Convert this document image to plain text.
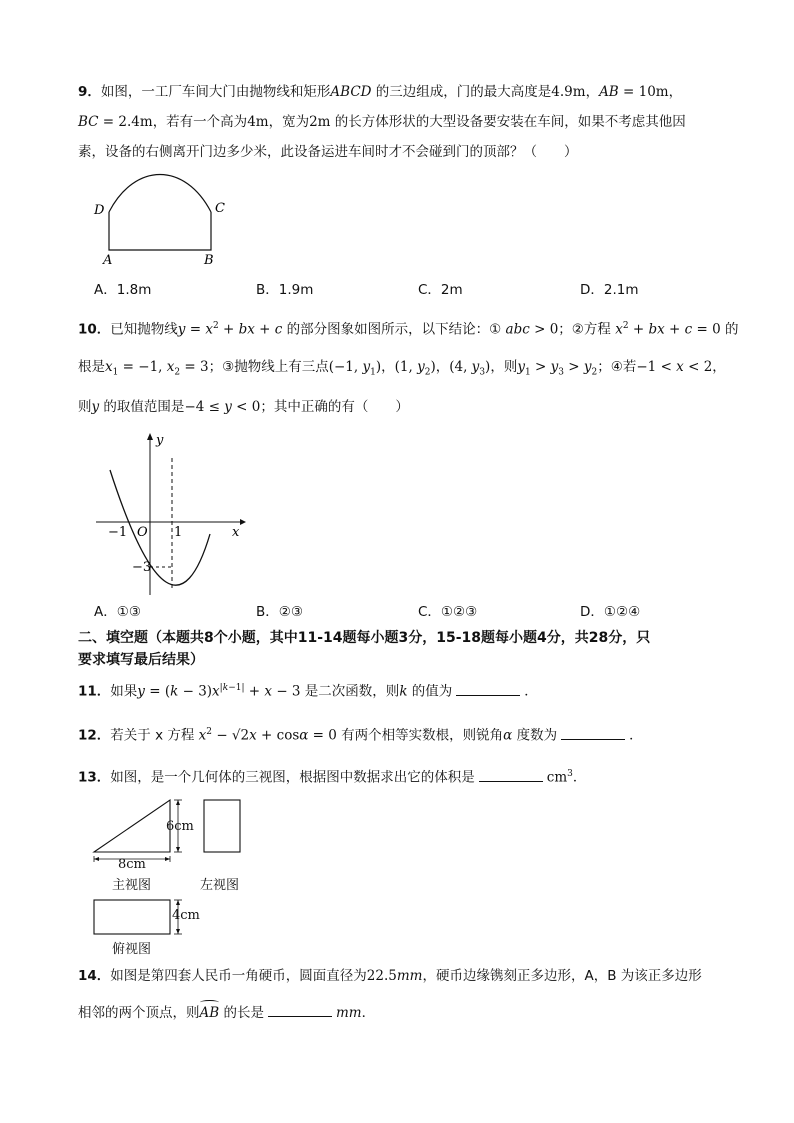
9．如图，一工厂车间大门由抛物线和矩形ABCD 的三边组成，门的最大高度是4.9m，AB = 10m，
BC = 2.4m，若有一个高为4m，宽为2m 的长方体形状的大型设备要安装在车间，如果不考虑其他因
素，设备的右侧离开门边多少米，此设备运进车间时才不会碰到门的顶部？（　　）
D	C
A	B
A．1.8m	B．1.9m	C．2m	D．2.1m
10．已知抛物线$y = x^2$ + bx + c 的部分图象如图所示，以下结论：① abc > 0；②方程 $x^2$ + bx + c = 0 的
根是$x_1 = -1$, $x_2 = 3$；③抛物线上有三点(−1, $y_1$)，(1, $y_2$)，(4, $y_3$)，则$y_1 > y_3 > y_2$；④若−1 < x < 2，
则y 的取值范围是−4 ≤ y < 0；其中正确的有（　　）
y
x
O
−1	1
−3
A．①③	B．②③	C．①②③	D．①②④
二、填空题（本题共8个小题，其中11-14题每小题3分，15-18题每小题4分，共28分，只
要求填写最后结果）
11．如果$y = (k - 3)x^{|k-1|} + x - 3$ 是二次函数，则k 的值为	．
12．若关于 x 方程 $x^2 - √2x + \cos\alpha = 0$ 有两个相等实数根，则锐角α 度数为	．
13．如图，是一个几何体的三视图，根据图中数据求出它的体积是	$cm^3$．
6cm
8cm
主视图	左视图
4cm
俯视图
14．如图是第四套人民币一角硬币，圆面直径为22.5mm，硬币边缘镌刻正多边形，A，B 为该正多边形
相邻的两个顶点，则AB
的长是	mm．
